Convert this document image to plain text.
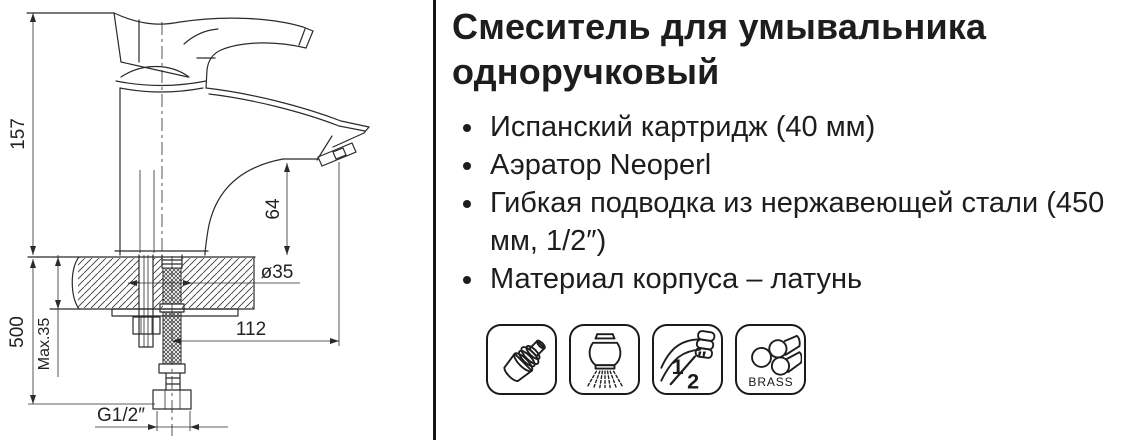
157
500 Max.35
64
ø35
112
G1/2″
Смеситель для умывальника
одноручковый
• Испанский картридж (40 мм)
• Аэратор Neoperl
• Гибкая подводка из нержавеющей стали (450 мм, 1/2″)
• Материал корпуса – латунь
1
2
″
BRASS
